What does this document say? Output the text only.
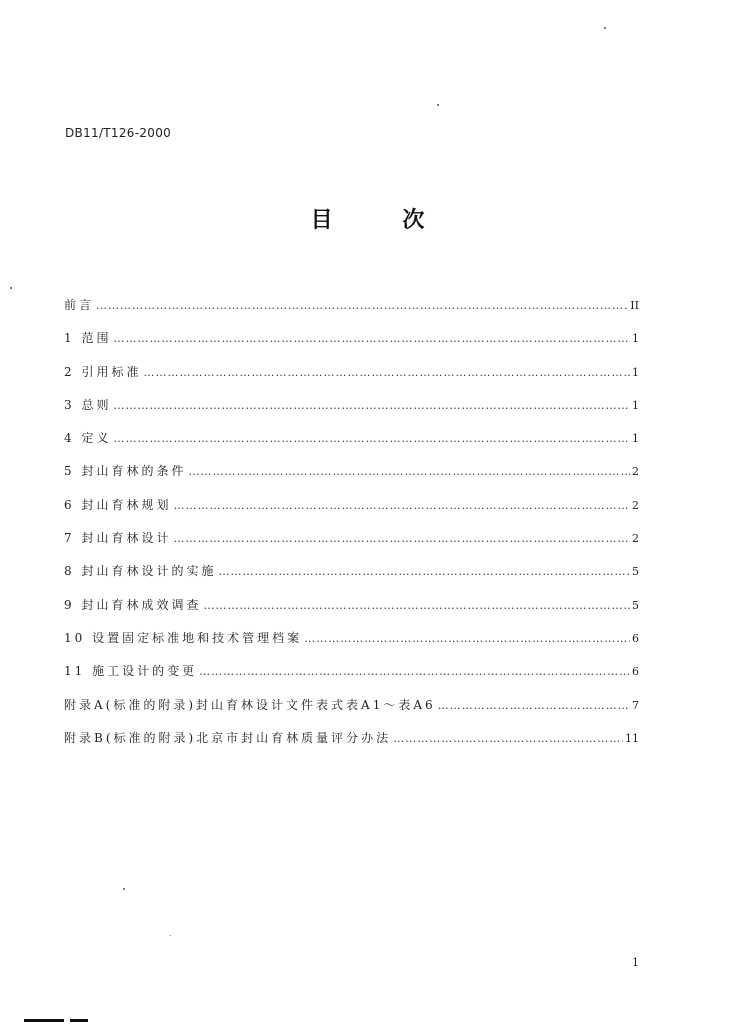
DB11/T126-2000
目	次
前言 …………………………………………………………………………………………………………………………………………………………………………………	II
1 范围 …………………………………………………………………………………………………………………………………………………………………………………	1
2 引用标准 …………………………………………………………………………………………………………………………………………………………………………………	1
3 总则 …………………………………………………………………………………………………………………………………………………………………………………	1
4 定义 …………………………………………………………………………………………………………………………………………………………………………………	1
5 封山育林的条件 …………………………………………………………………………………………………………………………………………………………………………………	2
6 封山育林规划 …………………………………………………………………………………………………………………………………………………………………………………	2
7 封山育林设计 …………………………………………………………………………………………………………………………………………………………………………………	2
8 封山育林设计的实施 …………………………………………………………………………………………………………………………………………………………………………………	5
9 封山育林成效调查 …………………………………………………………………………………………………………………………………………………………………………………	5
10 设置固定标准地和技术管理档案 …………………………………………………………………………………………………………………………………………………………………………………	6
11 施工设计的变更 …………………………………………………………………………………………………………………………………………………………………………………	6
附录A(标准的附录)封山育林设计文件表式表A1～表A6 …………………………………………………………………………………………………………………………………………………………………………………	7
附录B(标准的附录)北京市封山育林质量评分办法 …………………………………………………………………………………………………………………………………………………………………………………	11
1
